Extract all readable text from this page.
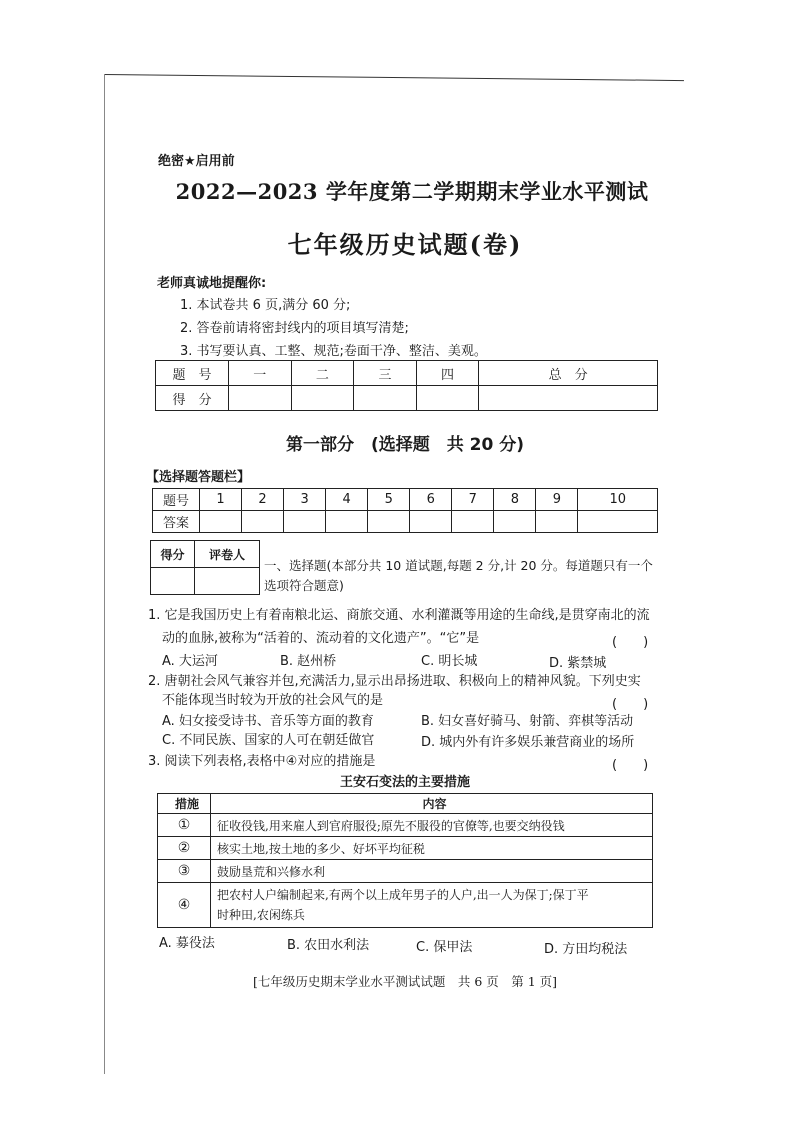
绝密★启用前
2022—2023 学年度第二学期期末学业水平测试
七年级历史试题(卷)
老师真诚地提醒你:
1. 本试卷共 6 页,满分 60 分;
2. 答卷前请将密封线内的项目填写清楚;
3. 书写要认真、工整、规范;卷面干净、整洁、美观。
题　号	一	二	三	四	总　分
得　分					
第一部分　(选择题　共 20 分)
【选择题答题栏】
题号	1	2	3	4	5	6	7	8	9	10
答案										
得分	评卷人

一、选择题(本部分共 10 道试题,每题 2 分,计 20 分。每道题只有一个选项符合题意)
1. 它是我国历史上有着南粮北运、商旅交通、水利灌溉等用途的生命线,是贯穿南北的流
动的血脉,被称为“活着的、流动着的文化遗产”。“它”是	(　　)
A. 大运河	B. 赵州桥	C. 明长城	D. 紫禁城
2. 唐朝社会风气兼容并包,充满活力,显示出昂扬进取、积极向上的精神风貌。下列史实
不能体现当时较为开放的社会风气的是	(　　)
A. 妇女接受诗书、音乐等方面的教育	B. 妇女喜好骑马、射箭、弈棋等活动
C. 不同民族、国家的人可在朝廷做官	D. 城内外有许多娱乐兼营商业的场所
3. 阅读下列表格,表格中④对应的措施是	(　　)
王安石变法的主要措施
措施	内容
①	征收役钱,用来雇人到官府服役;原先不服役的官僚等,也要交纳役钱
②	核实土地,按土地的多少、好坏平均征税
③	鼓励垦荒和兴修水利
④	把农村人户编制起来,有两个以上成年男子的人户,出一人为保丁;保丁平
时种田,农闲练兵
A. 募役法	B. 农田水利法	C. 保甲法	D. 方田均税法
[七年级历史期末学业水平测试试题　共 6 页　第 1 页]
